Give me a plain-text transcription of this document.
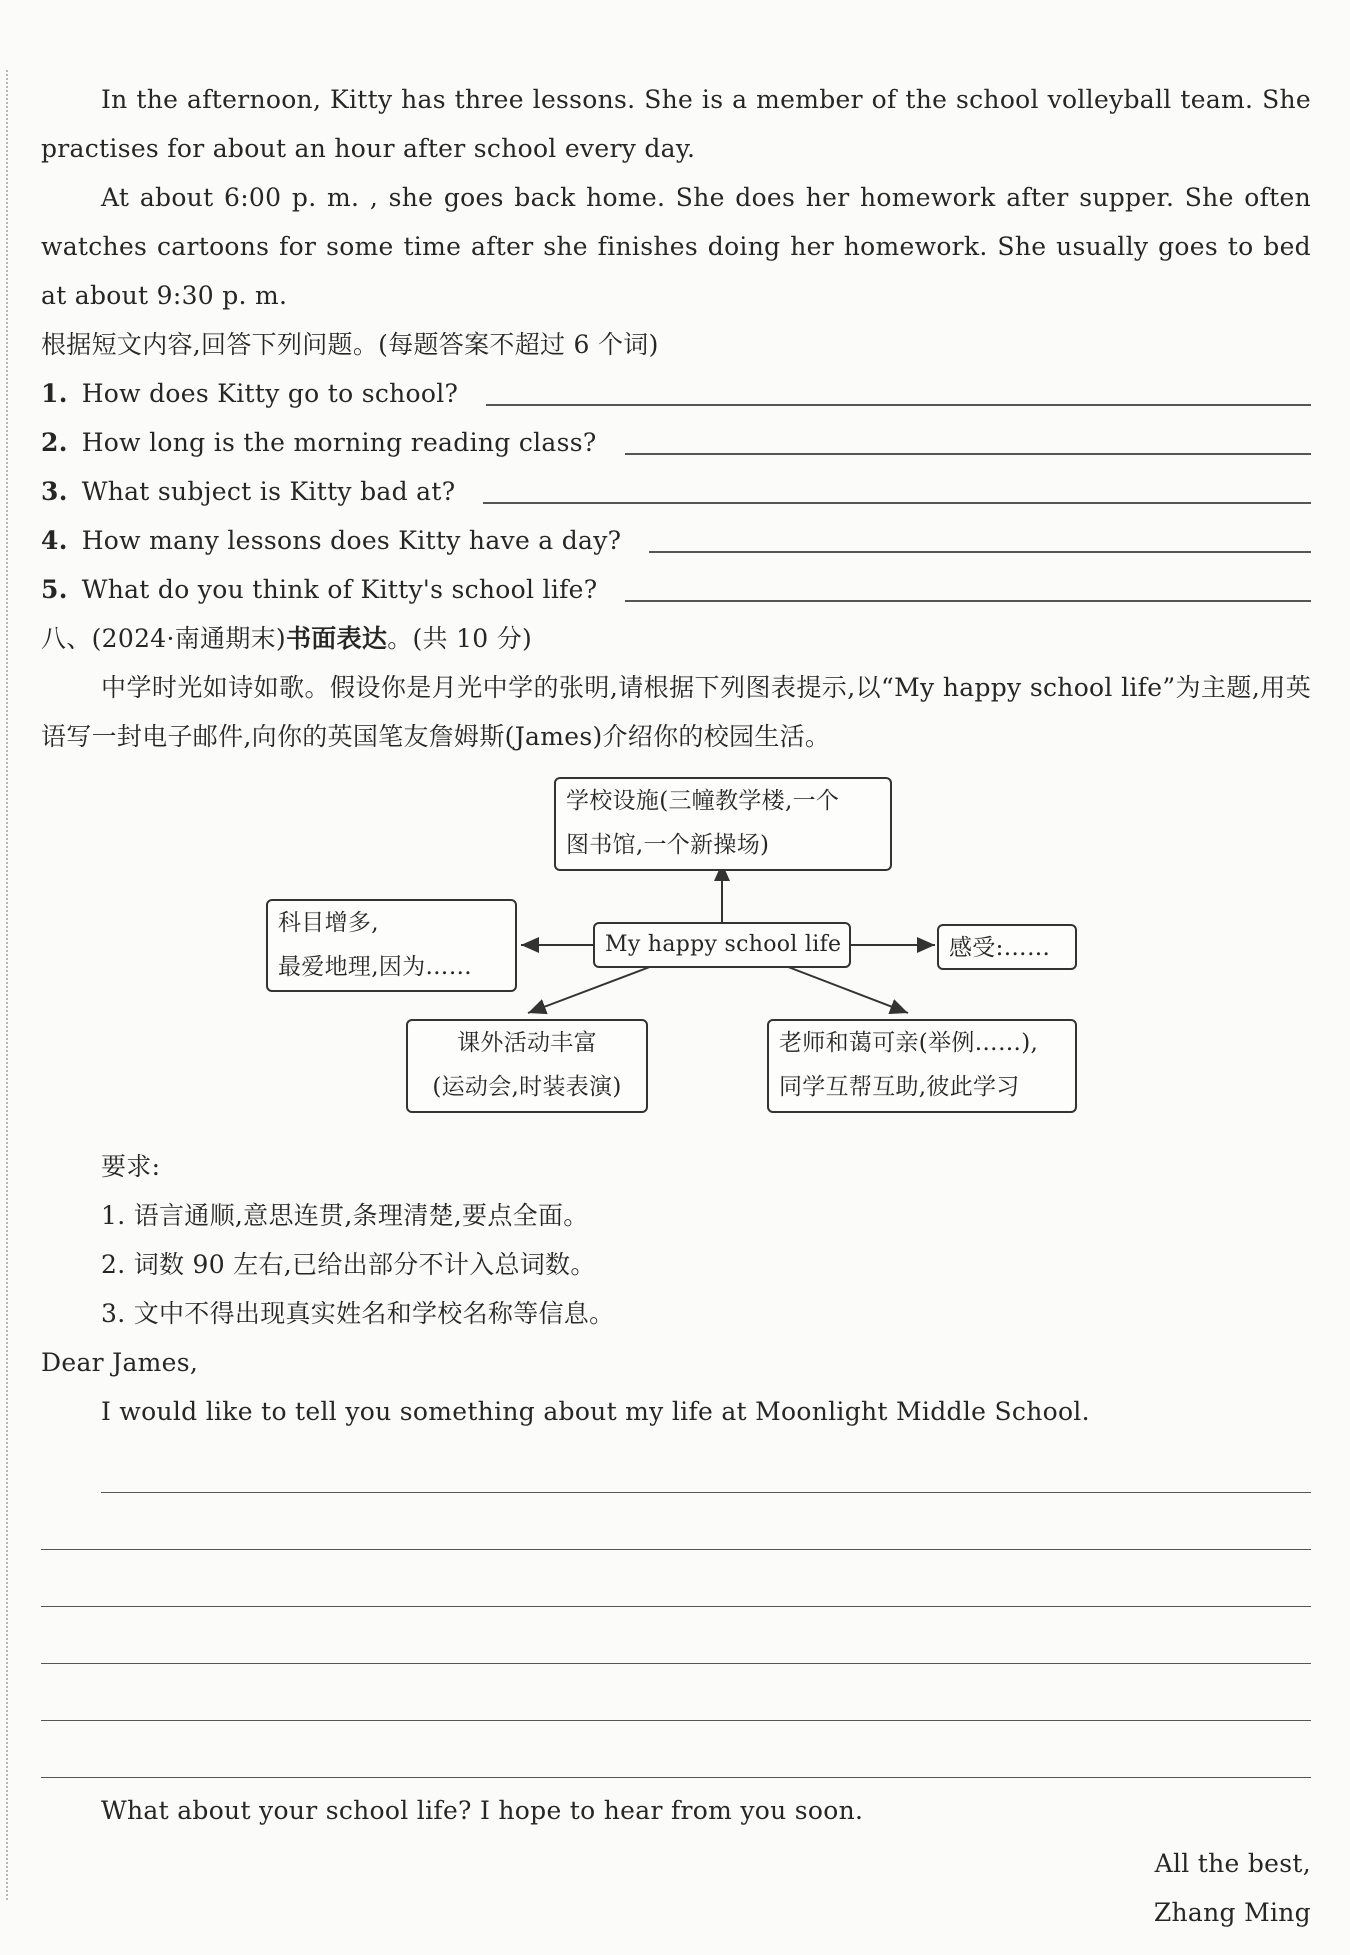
In the afternoon, Kitty has three lessons. She is a member of the school volleyball team. She practises for about an hour after school every day.

At about 6:00 p. m. , she goes back home. She does her homework after supper. She often watches cartoons for some time after she finishes doing her homework. She usually goes to bed at about 9:30 p. m.

根据短文内容,回答下列问题。(每题答案不超过 6 个词)

1. How does Kitty go to school?
2. How long is the morning reading class?
3. What subject is Kitty bad at?
4. How many lessons does Kitty have a day?
5. What do you think of Kitty's school life?

八、(2024·南通期末)书面表达。(共 10 分)

中学时光如诗如歌。假设你是月光中学的张明,请根据下列图表提示,以“My happy school life”为主题,用英语写一封电子邮件,向你的英国笔友詹姆斯(James)介绍你的校园生活。

学校设施(三幢教学楼,一个
图书馆,一个新操场)
科目增多,
最爱地理,因为……
My happy school life	感受:……
课外活动丰富
(运动会,时装表演)
老师和蔼可亲(举例……),
同学互帮互助,彼此学习

要求:

1. 语言通顺,意思连贯,条理清楚,要点全面。

2. 词数 90 左右,已给出部分不计入总词数。

3. 文中不得出现真实姓名和学校名称等信息。

Dear James,

I would like to tell you something about my life at Moonlight Middle School.

What about your school life? I hope to hear from you soon.

All the best,

Zhang Ming
